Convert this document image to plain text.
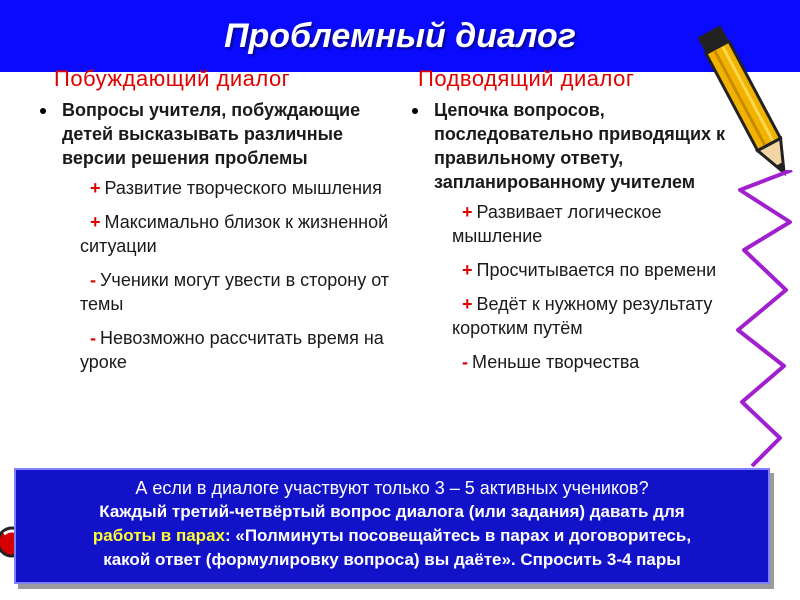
Проблемный диалог
Побуждающий диалог
Вопросы учителя, побуждающие детей высказывать различные версии решения проблемы
+ Развитие творческого мышления
+ Максимально близок к жизненной ситуации
- Ученики могут увести в сторону от темы
- Невозможно рассчитать время на уроке
Подводящий диалог
Цепочка вопросов, последовательно приводящих к правильному ответу, запланированному учителем
+ Развивает логическое мышление
+ Просчитывается по времени
+ Ведёт к нужному результату коротким путём
- Меньше творчества
А если в диалоге участвуют только 3 – 5 активных учеников?
Каждый третий-четвёртый вопрос диалога (или задания) давать для
работы в парах: «Полминуты посовещайтесь в парах и договоритесь,
какой ответ (формулировку вопроса) вы даёте». Спросить 3-4 пары
